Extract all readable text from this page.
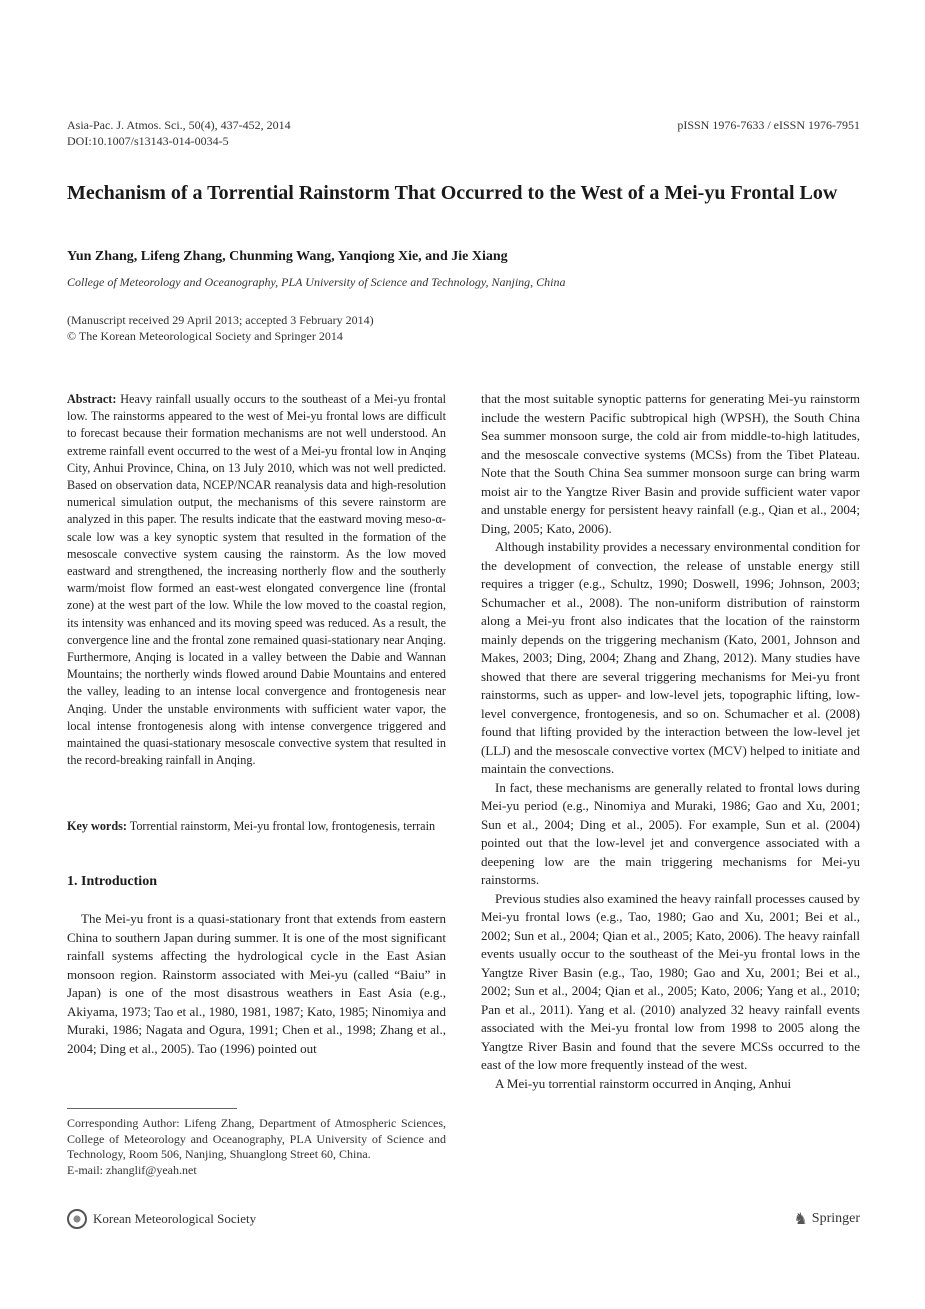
Asia-Pac. J. Atmos. Sci., 50(4), 437-452, 2014
DOI:10.1007/s13143-014-0034-5
pISSN 1976-7633 / eISSN 1976-7951
Mechanism of a Torrential Rainstorm That Occurred to the West of a Mei-yu Frontal Low
Yun Zhang, Lifeng Zhang, Chunming Wang, Yanqiong Xie, and Jie Xiang
College of Meteorology and Oceanography, PLA University of Science and Technology, Nanjing, China
(Manuscript received 29 April 2013; accepted 3 February 2014)
© The Korean Meteorological Society and Springer 2014
Abstract: Heavy rainfall usually occurs to the southeast of a Mei-yu frontal low. The rainstorms appeared to the west of Mei-yu frontal lows are difficult to forecast because their formation mechanisms are not well understood. An extreme rainfall event occurred to the west of a Mei-yu frontal low in Anqing City, Anhui Province, China, on 13 July 2010, which was not well predicted. Based on observation data, NCEP/NCAR reanalysis data and high-resolution numerical simulation output, the mechanisms of this severe rainstorm are analyzed in this paper. The results indicate that the eastward moving meso-α-scale low was a key synoptic system that resulted in the formation of the mesoscale convective system causing the rainstorm. As the low moved eastward and strengthened, the increasing northerly flow and the southerly warm/moist flow formed an east-west elongated convergence line (frontal zone) at the west part of the low. While the low moved to the coastal region, its intensity was enhanced and its moving speed was reduced. As a result, the convergence line and the frontal zone remained quasi-stationary near Anqing. Furthermore, Anqing is located in a valley between the Dabie and Wannan Mountains; the northerly winds flowed around Dabie Mountains and entered the valley, leading to an intense local convergence and frontogenesis near Anqing. Under the unstable environments with sufficient water vapor, the local intense frontogenesis along with intense convergence triggered and maintained the quasi-stationary mesoscale convective system that resulted in the record-breaking rainfall in Anqing.
Key words: Torrential rainstorm, Mei-yu frontal low, frontogenesis, terrain
1. Introduction

The Mei-yu front is a quasi-stationary front that extends from eastern China to southern Japan during summer. It is one of the most significant rainfall systems affecting the hydrological cycle in the East Asian monsoon region. Rainstorm associated with Mei-yu (called “Baiu” in Japan) is one of the most disastrous weathers in East Asia (e.g., Akiyama, 1973; Tao et al., 1980, 1981, 1987; Kato, 1985; Ninomiya and Muraki, 1986; Nagata and Ogura, 1991; Chen et al., 1998; Zhang et al., 2004; Ding et al., 2005). Tao (1996) pointed out

that the most suitable synoptic patterns for generating Mei-yu rainstorm include the western Pacific subtropical high (WPSH), the South China Sea summer monsoon surge, the cold air from middle-to-high latitudes, and the mesoscale convective systems (MCSs) from the Tibet Plateau. Note that the South China Sea summer monsoon surge can bring warm moist air to the Yangtze River Basin and provide sufficient water vapor and unstable energy for persistent heavy rainfall (e.g., Qian et al., 2004; Ding, 2005; Kato, 2006).

Although instability provides a necessary environmental condition for the development of convection, the release of unstable energy still requires a trigger (e.g., Schultz, 1990; Doswell, 1996; Johnson, 2003; Schumacher et al., 2008). The non-uniform distribution of rainstorm along a Mei-yu front also indicates that the location of the rainstorm mainly depends on the triggering mechanism (Kato, 2001, Johnson and Makes, 2003; Ding, 2004; Zhang and Zhang, 2012). Many studies have showed that there are several triggering mechanisms for Mei-yu front rainstorms, such as upper- and low-level jets, topographic lifting, low-level convergence, frontogenesis, and so on. Schumacher et al. (2008) found that lifting provided by the interaction between the low-level jet (LLJ) and the mesoscale convective vortex (MCV) helped to initiate and maintain the convections.

In fact, these mechanisms are generally related to frontal lows during Mei-yu period (e.g., Ninomiya and Muraki, 1986; Gao and Xu, 2001; Sun et al., 2004; Ding et al., 2005). For example, Sun et al. (2004) pointed out that the low-level jet and convergence associated with a deepening low are the main triggering mechanisms for Mei-yu rainstorms.

Previous studies also examined the heavy rainfall processes caused by Mei-yu frontal lows (e.g., Tao, 1980; Gao and Xu, 2001; Bei et al., 2002; Sun et al., 2004; Qian et al., 2005; Kato, 2006). The heavy rainfall events usually occur to the southeast of the Mei-yu frontal lows in the Yangtze River Basin (e.g., Tao, 1980; Gao and Xu, 2001; Bei et al., 2002; Sun et al., 2004; Qian et al., 2005; Kato, 2006; Yang et al., 2010; Pan et al., 2011). Yang et al. (2010) analyzed 32 heavy rainfall events associated with the Mei-yu frontal low from 1998 to 2005 along the Yangtze River Basin and found that the severe MCSs occurred to the east of the low more frequently instead of the west.

A Mei-yu torrential rainstorm occurred in Anqing, Anhui

Corresponding Author: Lifeng Zhang, Department of Atmospheric Sciences, College of Meteorology and Oceanography, PLA University of Science and Technology, Room 506, Nanjing, Shuanglong Street 60, China.
E-mail: zhanglif@yeah.net
Korean Meteorological Society	♞ Springer
